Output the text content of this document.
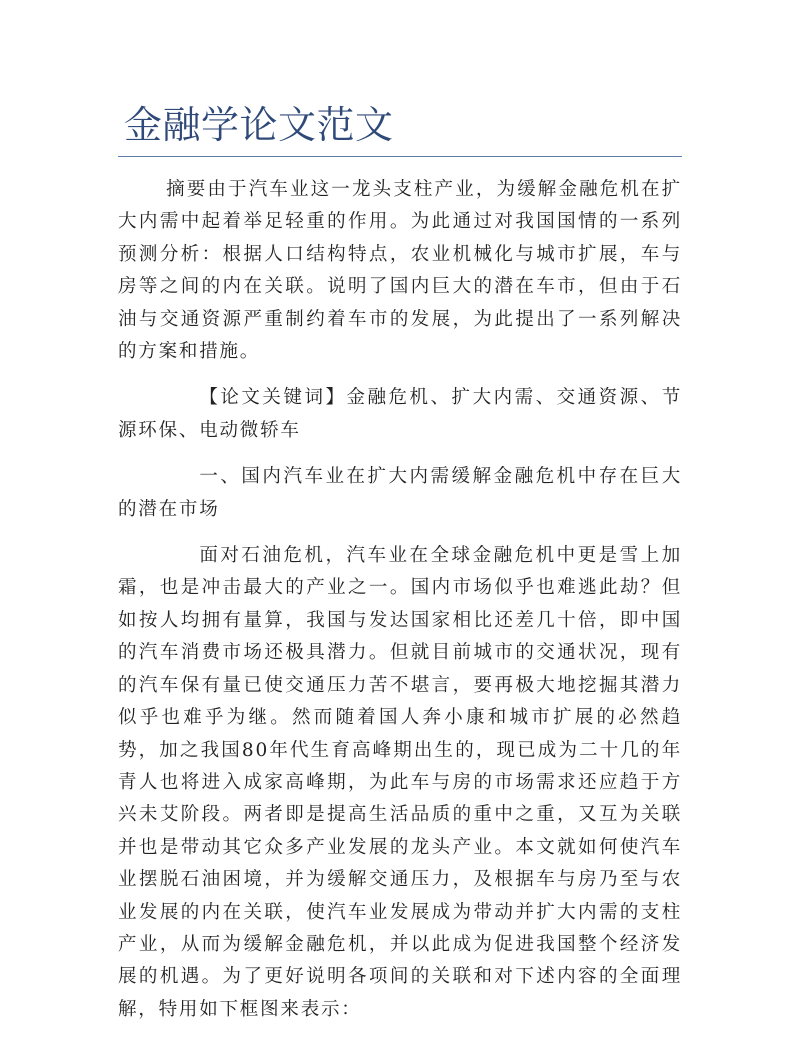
金融学论文范文

摘要由于汽车业这一龙头支柱产业，为缓解金融危机在扩大内需中起着举足轻重的作用。为此通过对我国国情的一系列预测分析：根据人口结构特点，农业机械化与城市扩展，车与房等之间的内在关联。说明了国内巨大的潜在车市，但由于石油与交通资源严重制约着车市的发展，为此提出了一系列解决的方案和措施。

【论文关键词】金融危机、扩大内需、交通资源、节源环保、电动微轿车

一、国内汽车业在扩大内需缓解金融危机中存在巨大的潜在市场

面对石油危机，汽车业在全球金融危机中更是雪上加霜，也是冲击最大的产业之一。国内市场似乎也难逃此劫？但如按人均拥有量算，我国与发达国家相比还差几十倍，即中国的汽车消费市场还极具潜力。但就目前城市的交通状况，现有的汽车保有量已使交通压力苦不堪言，要再极大地挖掘其潜力似乎也难乎为继。然而随着国人奔小康和城市扩展的必然趋势，加之我国80年代生育高峰期出生的，现已成为二十几的年青人也将进入成家高峰期，为此车与房的市场需求还应趋于方兴未艾阶段。两者即是提高生活品质的重中之重，又互为关联并也是带动其它众多产业发展的龙头产业。本文就如何使汽车业摆脱石油困境，并为缓解交通压力，及根据车与房乃至与农业发展的内在关联，使汽车业发展成为带动并扩大内需的支柱产业，从而为缓解金融危机，并以此成为促进我国整个经济发展的机遇。为了更好说明各项间的关联和对下述内容的全面理解，特用如下框图来表示：
